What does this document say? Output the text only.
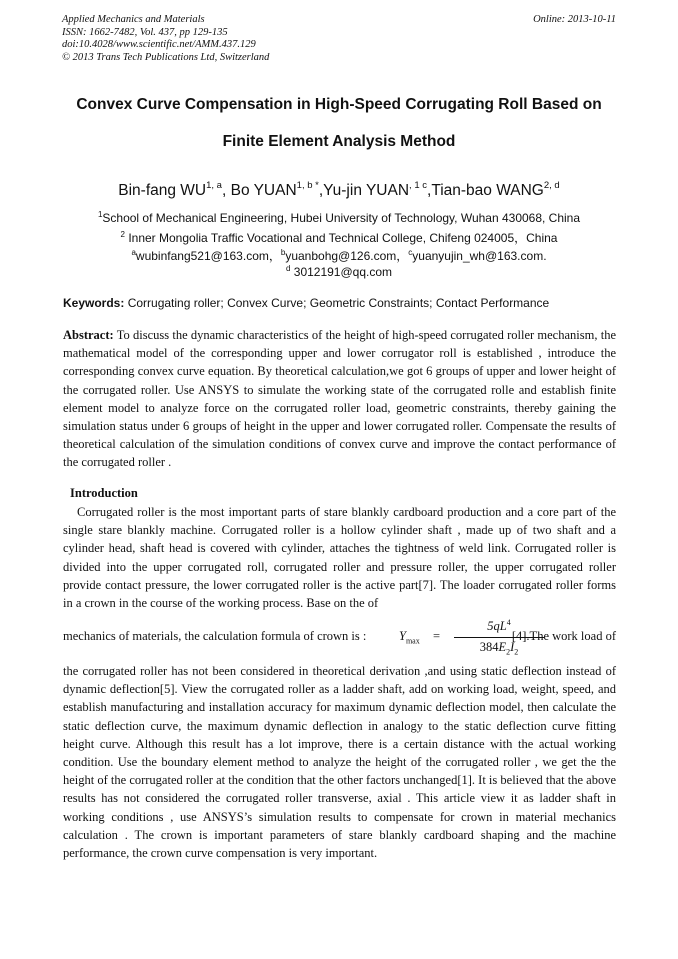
Applied Mechanics and Materials
ISSN: 1662-7482, Vol. 437, pp 129-135
doi:10.4028/www.scientific.net/AMM.437.129
© 2013 Trans Tech Publications Ltd, Switzerland
Online: 2013-10-11
Convex Curve Compensation in High-Speed Corrugating Roll Based on
Finite Element Analysis Method
Bin-fang WU$^{1, a}$, Bo $YUAN^{1, b *},Yu$-jin $YUAN^{, 1 c},Tian$-bao WANG$^{2, d}$
$^1$School of Mechanical Engineering, Hubei University of Technology, Wuhan 430068, China
$^2$ Inner Mongolia Traffic Vocational and Technical College, Chifeng 024005，China
$^a$wubinfang521@163.com，$^b$yuanbohg@126.com，$^c$yuanyujin_wh@163.com.
$^d$ 3012191@qq.com
Keywords: Corrugating roller; Convex Curve; Geometric Constraints; Contact Performance
Abstract: To discuss the dynamic characteristics of the height of high-speed corrugated roller mechanism, the mathematical model of the corresponding upper and lower corrugator roll is established , introduce the corresponding convex curve equation. By theoretical calculation,we got 6 groups of upper and lower height of the corrugated roller. Use ANSYS to simulate the working state of the corrugated rolle and establish finite element model to analyze force on the corrugated roller load, geometric constraints, thereby gaining the simulation status under 6 groups of height in the upper and lower corrugated roller. Compensate the results of theoretical calculation of the simulation conditions of convex curve and improve the contact performance of the corrugated roller .
Introduction
Corrugated roller is the most important parts of stare blankly cardboard production and a core part of the single stare blankly machine. Corrugated roller is a hollow cylinder shaft , made up of two shaft and a cylinder head, shaft head is covered with cylinder, attaches the tightness of weld link. Corrugated roller is divided into the upper corrugated roll, corrugated roller and pressure roller, the upper corrugated roller provide contact pressure, the lower corrugated roller is the active part[7]. The loader corrugated roller forms in a crown in the course of the working process. Base on the of
mechanics of materials, the calculation formula of crown is :	$Y_{max}$ =
$5qL^4$
$384E_2I_2$
[4].The work load of
the corrugated roller has not been considered in theoretical derivation ,and using static deflection instead of dynamic deflection[5]. View the corrugated roller as a ladder shaft, add on working load, weight, speed, and establish manufacturing and installation accuracy for maximum dynamic deflection model, then calculate the static deflection curve, the maximum dynamic deflection in analogy to the static deflection curve fitting height curve. Although this result has a lot improve, there is a certain distance with the actual working condition. Use the boundary element method to analyze the height of the corrugated roller , we get the the height of the corrugated roller at the condition that the other factors unchanged[1]. It is believed that the above results has not considered the corrugated roller transverse, axial . This article view it as ladder shaft in working conditions , use ANSYS’s simulation results to compensate for crown in material mechanics calculation . The crown is important parameters of stare blankly cardboard shaping and the machine performance, the crown curve compensation is very important.
